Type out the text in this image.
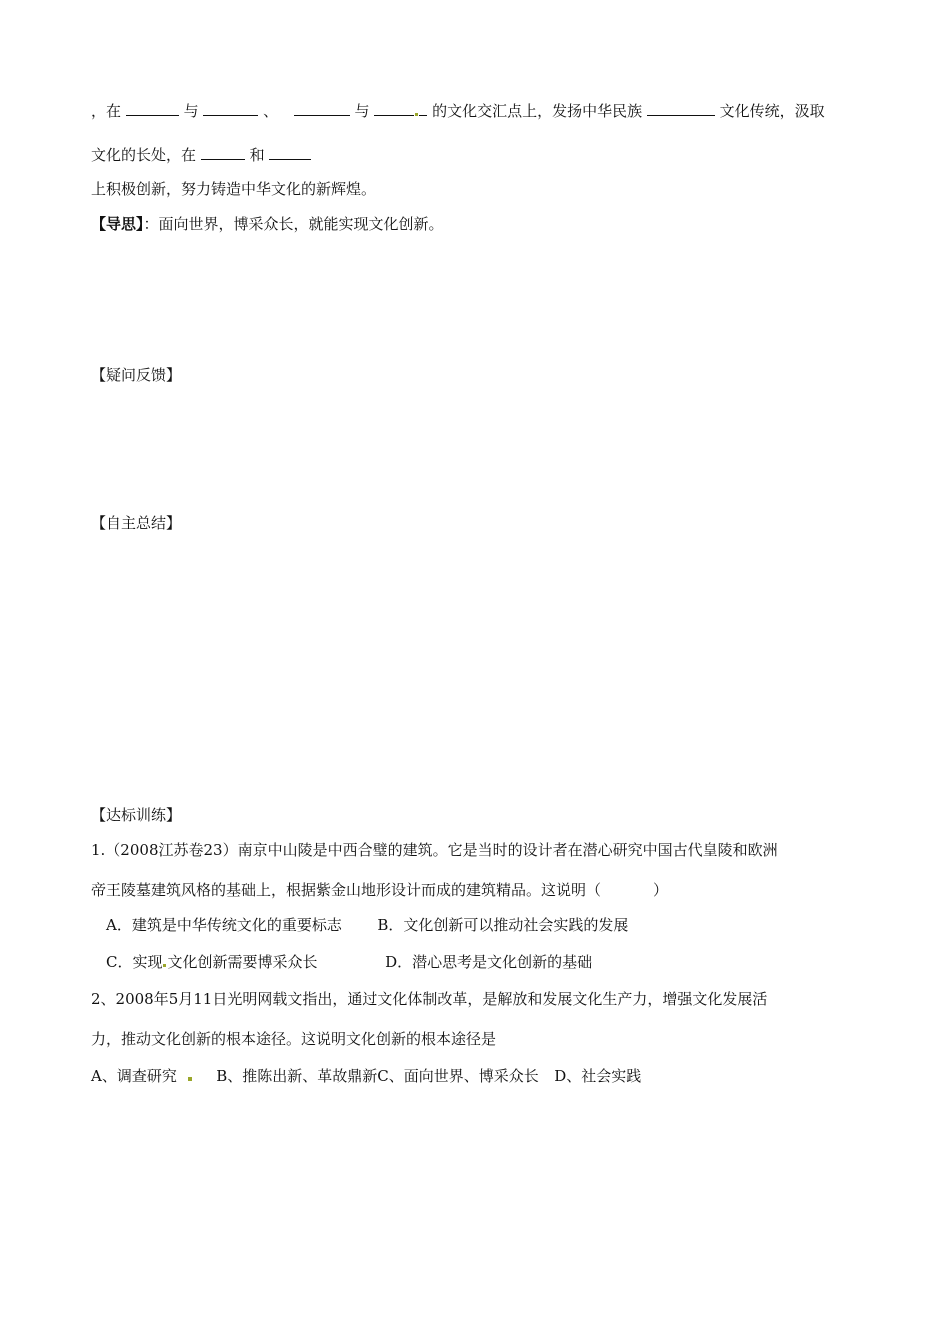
，在	与	、	与	的文化交汇点上，发扬中华民族	文化传统，汲取
文化的长处，在	和
上积极创新，努力铸造中华文化的新辉煌。
【导思】：面向世界，博采众长，就能实现文化创新。
【疑问反馈】
【自主总结】
【达标训练】
1.（2008江苏卷23）南京中山陵是中西合璧的建筑。它是当时的设计者在潜心研究中国古代皇陵和欧洲
帝王陵墓建筑风格的基础上，根据紫金山地形设计而成的建筑精品。这说明（	）
A．建筑是中华传统文化的重要标志 B．文化创新可以推动社会实践的发展
C．实现 文化创新需要博采众长	D．潜心思考是文化创新的基础
2、2008年5月11日光明网载文指出，通过文化体制改革，是解放和发展文化生产力，增强文化发展活
力，推动文化创新的根本途径。这说明文化创新的根本途径是
A、调查研究	B、推陈出新、革故鼎新C、面向世界、博采众长 D、社会实践
